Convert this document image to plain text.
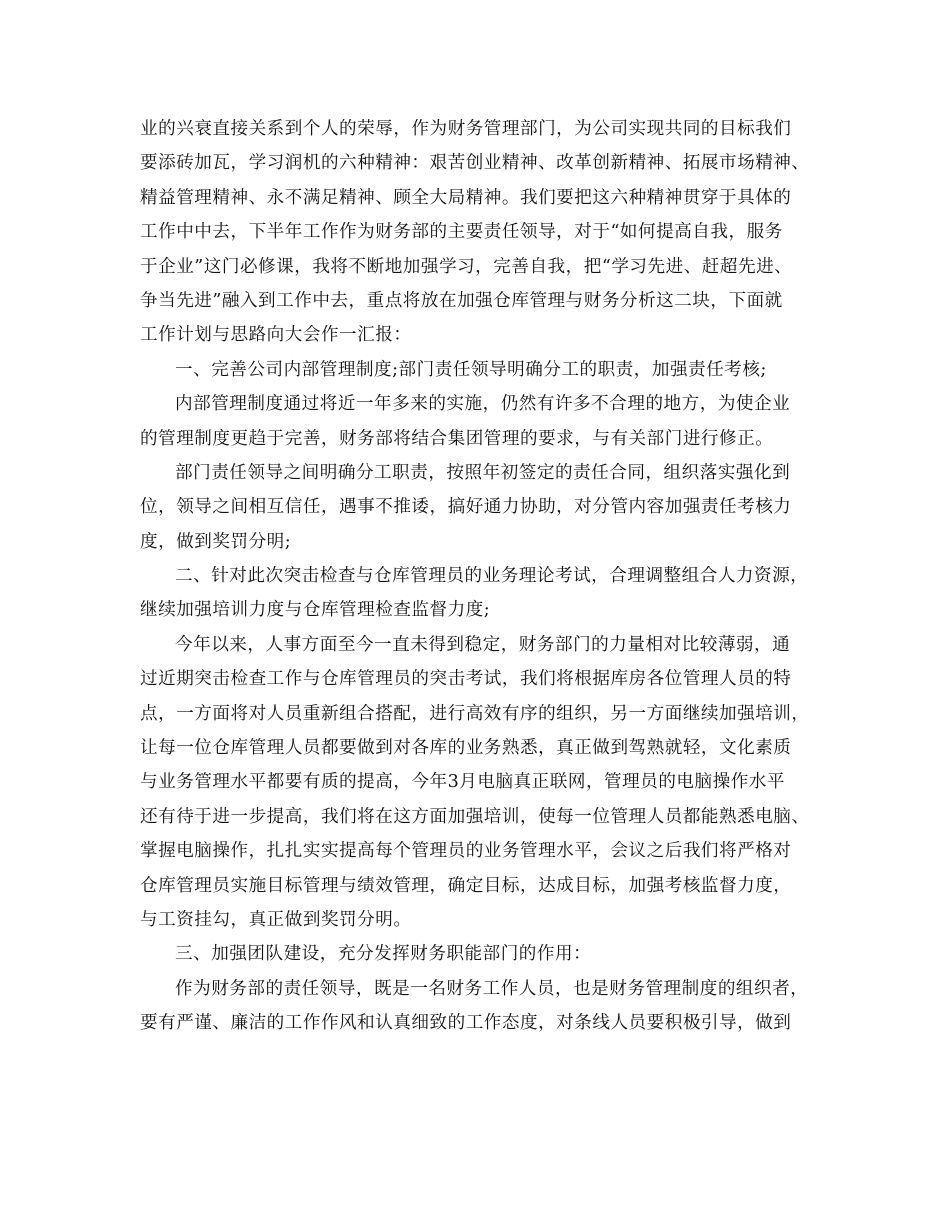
业的兴衰直接关系到个人的荣辱，作为财务管理部门，为公司实现共同的目标我们
要添砖加瓦，学习润机的六种精神：艰苦创业精神、改革创新精神、拓展市场精神、
精益管理精神、永不满足精神、顾全大局精神。我们要把这六种精神贯穿于具体的
工作中中去，下半年工作作为财务部的主要责任领导，对于“如何提高自我，服务
于企业”这门必修课，我将不断地加强学习，完善自我，把“学习先进、赶超先进、
争当先进”融入到工作中去，重点将放在加强仓库管理与财务分析这二块，下面就
工作计划与思路向大会作一汇报：
一、完善公司内部管理制度;部门责任领导明确分工的职责，加强责任考核;
内部管理制度通过将近一年多来的实施，仍然有许多不合理的地方，为使企业
的管理制度更趋于完善，财务部将结合集团管理的要求，与有关部门进行修正。
部门责任领导之间明确分工职责，按照年初签定的责任合同，组织落实强化到
位，领导之间相互信任，遇事不推诿，搞好通力协助，对分管内容加强责任考核力
度，做到奖罚分明;
二、针对此次突击检查与仓库管理员的业务理论考试，合理调整组合人力资源，
继续加强培训力度与仓库管理检查监督力度;
今年以来，人事方面至今一直未得到稳定，财务部门的力量相对比较薄弱，通
过近期突击检查工作与仓库管理员的突击考试，我们将根据库房各位管理人员的特
点，一方面将对人员重新组合搭配，进行高效有序的组织，另一方面继续加强培训，
让每一位仓库管理人员都要做到对各库的业务熟悉，真正做到驾熟就轻，文化素质
与业务管理水平都要有质的提高，今年3月电脑真正联网，管理员的电脑操作水平
还有待于进一步提高，我们将在这方面加强培训，使每一位管理人员都能熟悉电脑、
掌握电脑操作，扎扎实实提高每个管理员的业务管理水平，会议之后我们将严格对
仓库管理员实施目标管理与绩效管理，确定目标，达成目标，加强考核监督力度，
与工资挂勾，真正做到奖罚分明。
三、加强团队建设，充分发挥财务职能部门的作用：
作为财务部的责任领导，既是一名财务工作人员，也是财务管理制度的组织者，
要有严谨、廉洁的工作作风和认真细致的工作态度，对条线人员要积极引导，做到
